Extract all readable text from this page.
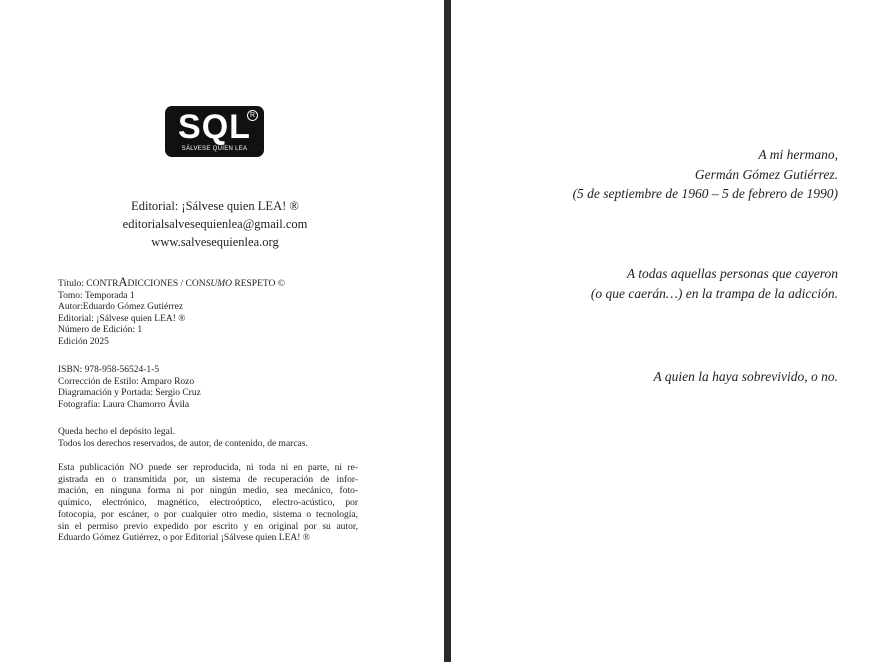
SQL R
SÁLVESE QUIEN LEA
Editorial: ¡Sálvese quien LEA! ®
editorialsalvesequienlea@gmail.com
www.salvesequienlea.org
Título: CONTRADICCIONES / CONSUMO RESPETO ©
Tomo: Temporada 1
Autor:Eduardo Gómez Gutiérrez
Editorial: ¡Sálvese quien LEA! ®
Número de Edición: 1
Edición 2025
ISBN: 978-958-56524-1-5
Corrección de Estilo: Amparo Rozo
Diagramación y Portada: Sergio Cruz
Fotografía: Laura Chamorro Ávila
Queda hecho el depósito legal.
Todos los derechos reservados, de autor, de contenido, de marcas.
Esta publicación NO puede ser reproducida, ni toda ni en parte, ni re-
gistrada en o transmitida por, un sistema de recuperación de infor-
mación, en ninguna forma ni por ningún medio, sea mecánico, foto-
químico, electrónico, magnético, electroóptico, electro-acústico, por
fotocopia, por escáner, o por cualquier otro medio, sistema o tecnología,
sin el permiso previo expedido por escrito y en original por su autor,
Eduardo Gómez Gutiérrez, o por Editorial ¡Sálvese quien LEA! ®
A mi hermano,
Germán Gómez Gutiérrez.
(5 de septiembre de 1960 – 5 de febrero de 1990)
A todas aquellas personas que cayeron
(o que caerán…) en la trampa de la adicción.
A quien la haya sobrevivido, o no.
